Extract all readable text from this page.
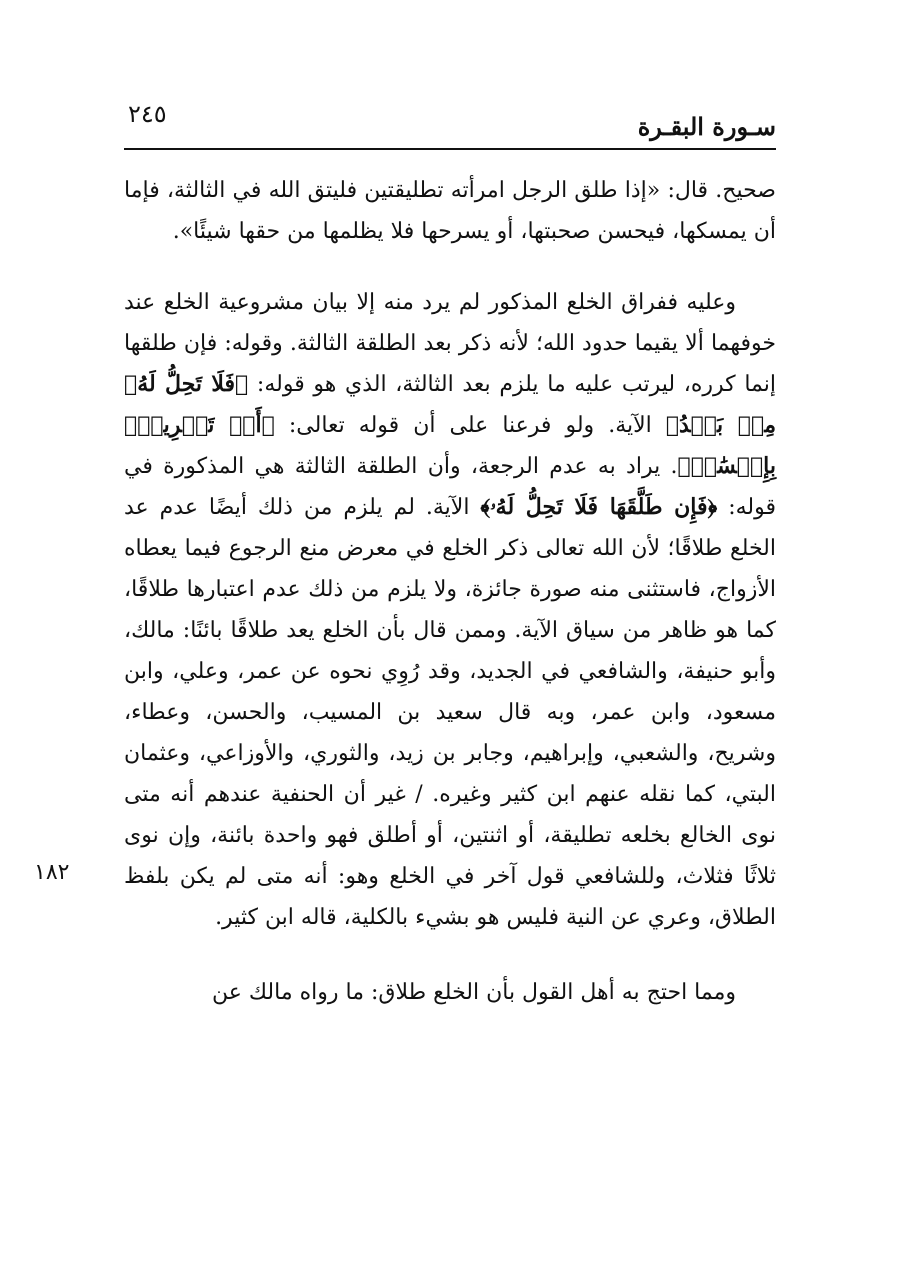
سـورة البقـرة
٢٤٥
١٨٢

صحيح. قال: «إذا طلق الرجل امرأته تطليقتين فليتق الله في الثالثة، فإما أن يمسكها، فيحسن صحبتها، أو يسرحها فلا يظلمها من حقها شيئًا».

وعليه ففراق الخلع المذكور لم يرد منه إلا بيان مشروعية الخلع عند خوفهما ألا يقيما حدود الله؛ لأنه ذكر بعد الطلقة الثالثة. وقوله: فإن طلقها إنما كرره، ليرتب عليه ما يلزم بعد الثالثة، الذي هو قوله: ﴿فَلَا تَحِلُّ لَهُۥ مِنۢ بَعۡدُ﴾ الآية. ولو فرعنا على أن قوله تعالى: ﴿أَوۡ تَسۡرِيحُۢ بِإِحۡسَٰنٖ﴾. يراد به عدم الرجعة، وأن الطلقة الثالثة هي المذكورة في قوله: ﴿فَإِن طَلَّقَهَا فَلَا تَحِلُّ لَهُۥ﴾ الآية. لم يلزم من ذلك أيضًا عدم عد الخلع طلاقًا؛ لأن الله تعالى ذكر الخلع في معرض منع الرجوع فيما يعطاه الأزواج، فاستثنى منه صورة جائزة، ولا يلزم من ذلك عدم اعتبارها طلاقًا، كما هو ظاهر من سياق الآية. وممن قال بأن الخلع يعد طلاقًا بائنًا: مالك، وأبو حنيفة، والشافعي في الجديد، وقد رُوِي نحوه عن عمر، وعلي، وابن مسعود، وابن عمر، وبه قال سعيد بن المسيب، والحسن، وعطاء، وشريح، والشعبي، وإبراهيم، وجابر بن زيد، والثوري، والأوزاعي، وعثمان البتي، كما نقله عنهم ابن كثير وغيره. / غير أن الحنفية عندهم أنه متى نوى الخالع بخلعه تطليقة، أو اثنتين، أو أطلق فهو واحدة بائنة، وإن نوى ثلاثًا فثلاث، وللشافعي قول آخر في الخلع وهو: أنه متى لم يكن بلفظ الطلاق، وعري عن النية فليس هو بشيء بالكلية، قاله ابن كثير.

ومما احتج به أهل القول بأن الخلع طلاق: ما رواه مالك عن
